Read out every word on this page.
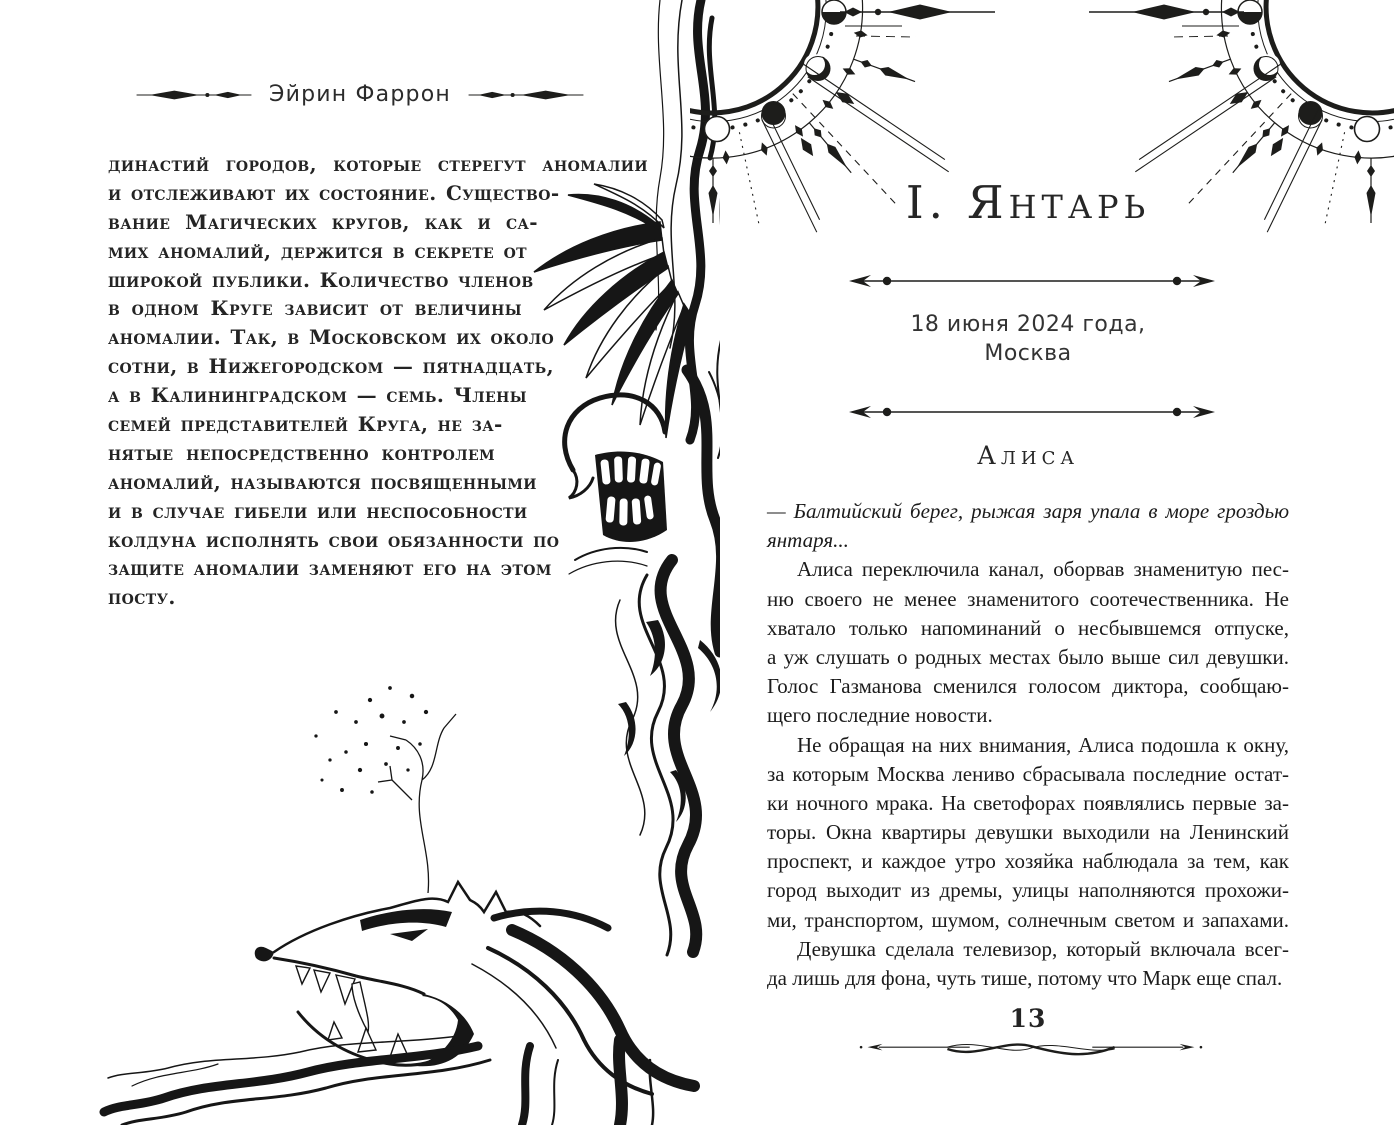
Эйрин Фаррон
династий городов, которые стерегут аномалии
и отслеживают их состояние. Существо-
вание Магических кругов, как и са-
мих аномалий, держится в секрете от
широкой публики. Количество членов
в одном Круге зависит от величины
аномалии. Так, в Московском их около
сотни, в Нижегородском — пятнадцать,
а в Калининградском — семь. Члены
семей представителей Круга, не за-
нятые непосредственно контролем
аномалий, называются посвященными
и в случае гибели или неспособности
колдуна исполнять свои обязанности по
защите аномалии заменяют его на этом
посту.
I. Янтарь
18 июня 2024 года,
Москва
Алиса
— Балтийский берег, рыжая заря упала в море гроздью
янтаря...
Алиса переключила канал, оборвав знаменитую пес-
ню своего не менее знаменитого соотечественника. Не
хватало только напоминаний о несбывшемся отпуске,
а уж слушать о родных местах было выше сил девушки.
Голос Газманова сменился голосом диктора, сообщаю-
щего последние новости.
Не обращая на них внимания, Алиса подошла к окну,
за которым Москва лениво сбрасывала последние остат-
ки ночного мрака. На светофорах появлялись первые за-
торы. Окна квартиры девушки выходили на Ленинский
проспект, и каждое утро хозяйка наблюдала за тем, как
город выходит из дремы, улицы наполняются прохожи-
ми, транспортом, шумом, солнечным светом и запахами.
Девушка сделала телевизор, который включала всег-
да лишь для фона, чуть тише, потому что Марк еще спал.
13
